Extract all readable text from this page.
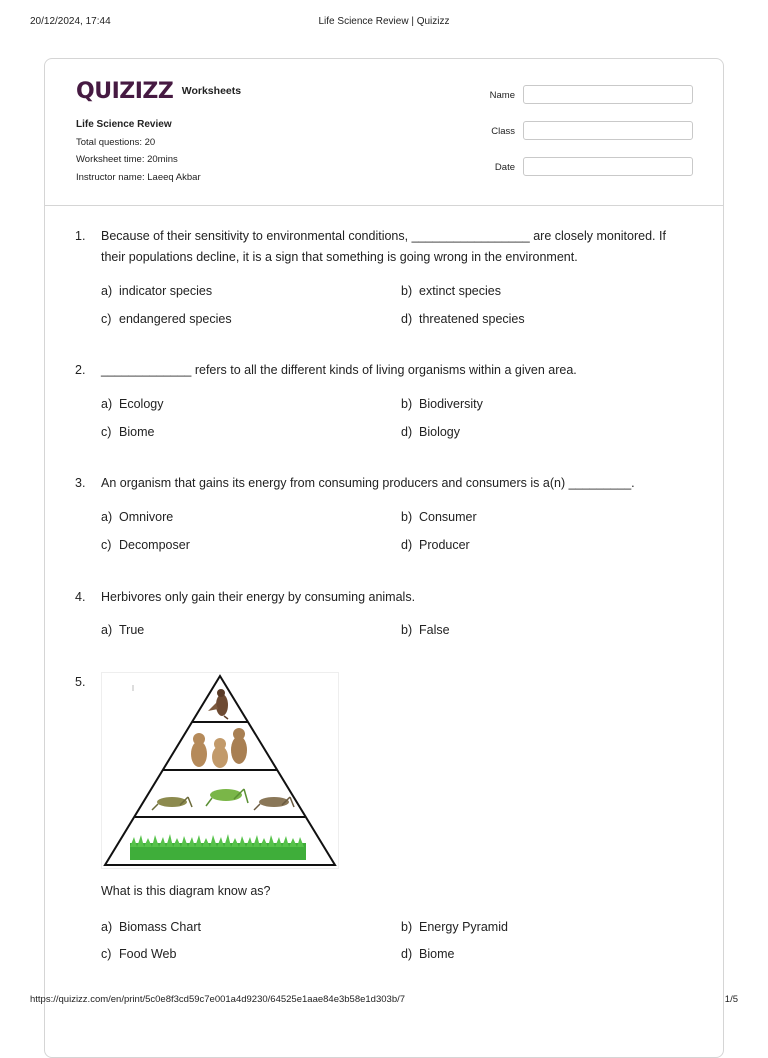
20/12/2024, 17:44	Life Science Review | Quizizz
QUIZIZZ $^{Worksheets}$
Life Science Review
Total questions: 20
Worksheet time: 20mins
Instructor name: Laeeq Akbar
Name
Class
Date
1. Because of their sensitivity to environmental conditions, _________________ are closely monitored. If their populations decline, it is a sign that something is going wrong in the environment.
a) indicator species	b) extinct species
c) endangered species	d) threatened species
2. _____________ refers to all the different kinds of living organisms within a given area.
a) Ecology	b) Biodiversity
c) Biome	d) Biology
3. An organism that gains its energy from consuming producers and consumers is a(n) _________.
a) Omnivore	b) Consumer
c) Decomposer	d) Producer
4. Herbivores only gain their energy by consuming animals.
a) True	b) False
5.
What is this diagram know as?
a) Biomass Chart	b) Energy Pyramid
c) Food Web	d) Biome
https://quizizz.com/en/print/5c0e8f3cd59c7e001a4d9230/64525e1aae84e3b58e1d303b/7	1/5
